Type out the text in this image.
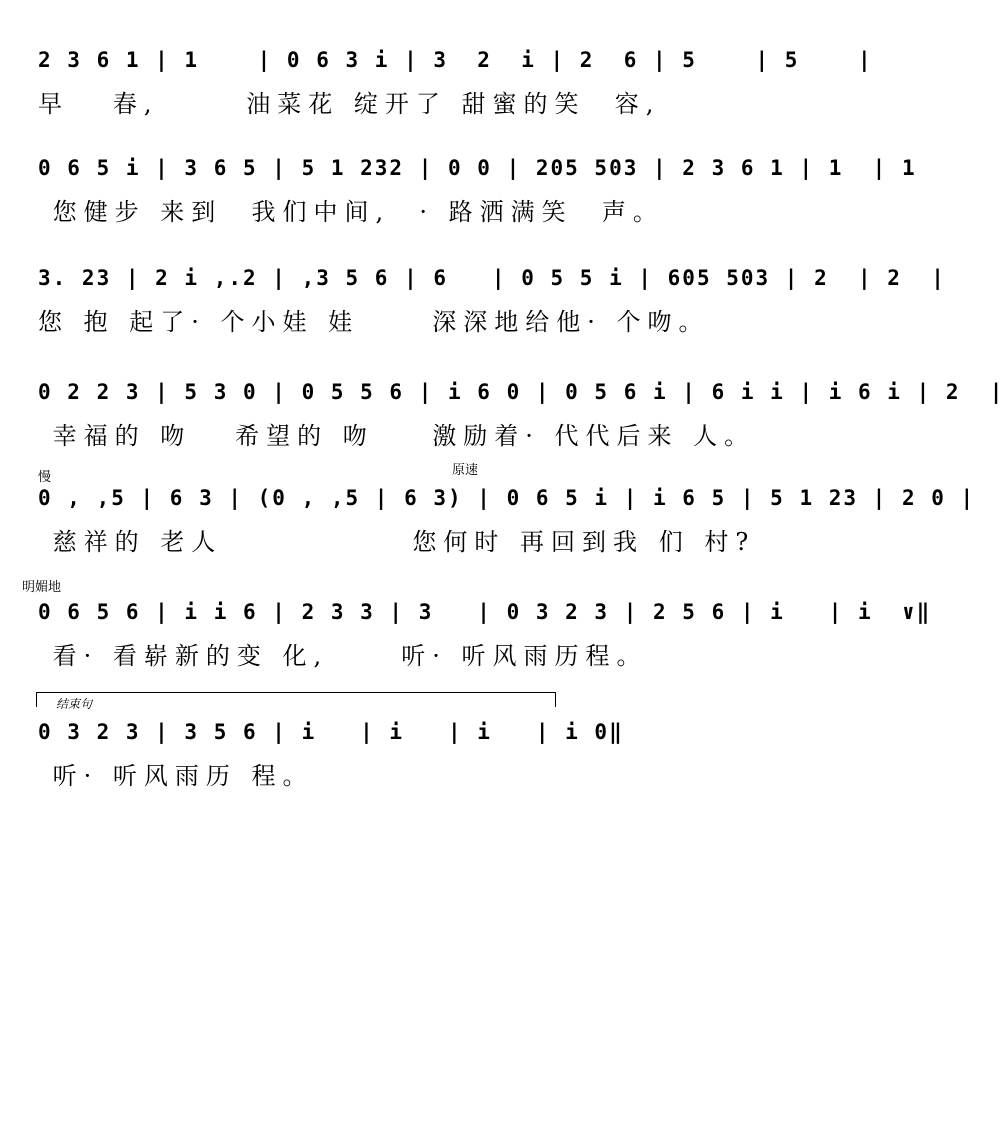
2 3 6 1 | 1    | 0 6 3 i | 3  2  i | 2  6 | 5    | 5    |
早   春,      油菜花 绽开了 甜蜜的笑  容,
0 6 5 i | 3 6 5 | 5 1 232 | 0 0 | 205 503 | 2 3 6 1 | 1  | 1
您健步 来到  我们中间,  · 路洒满笑  声。
3. 23 | 2 i ,.2 | ,3 5 6 | 6   | 0 5 5 i | 605 503 | 2  | 2  |
您 抱 起了· 个小娃 娃     深深地给他· 个吻。
0 2 2 3 | 5 3 0 | 0 5 5 6 | i 6 0 | 0 5 6 i | 6 i i | i 6 i | 2  |
幸福的 吻   希望的 吻    激励着· 代代后来 人。
慢	原速
0 , ,5 | 6 3 | (0 , ,5 | 6 3) | 0 6 5 i | i 6 5 | 5 1 23 | 2 0 |
慈祥的 老人             您何时 再回到我 们 村?
明媚地
0 6 5 6 | i i 6 | 2 3 3 | 3   | 0 3 2 3 | 2 5 6 | i   | i  ∨‖
看· 看崭新的变 化,     听· 听风雨历程。
结束句
0 3 2 3 | 3 5 6 | i   | i   | i   | i 0‖
听· 听风雨历 程。
